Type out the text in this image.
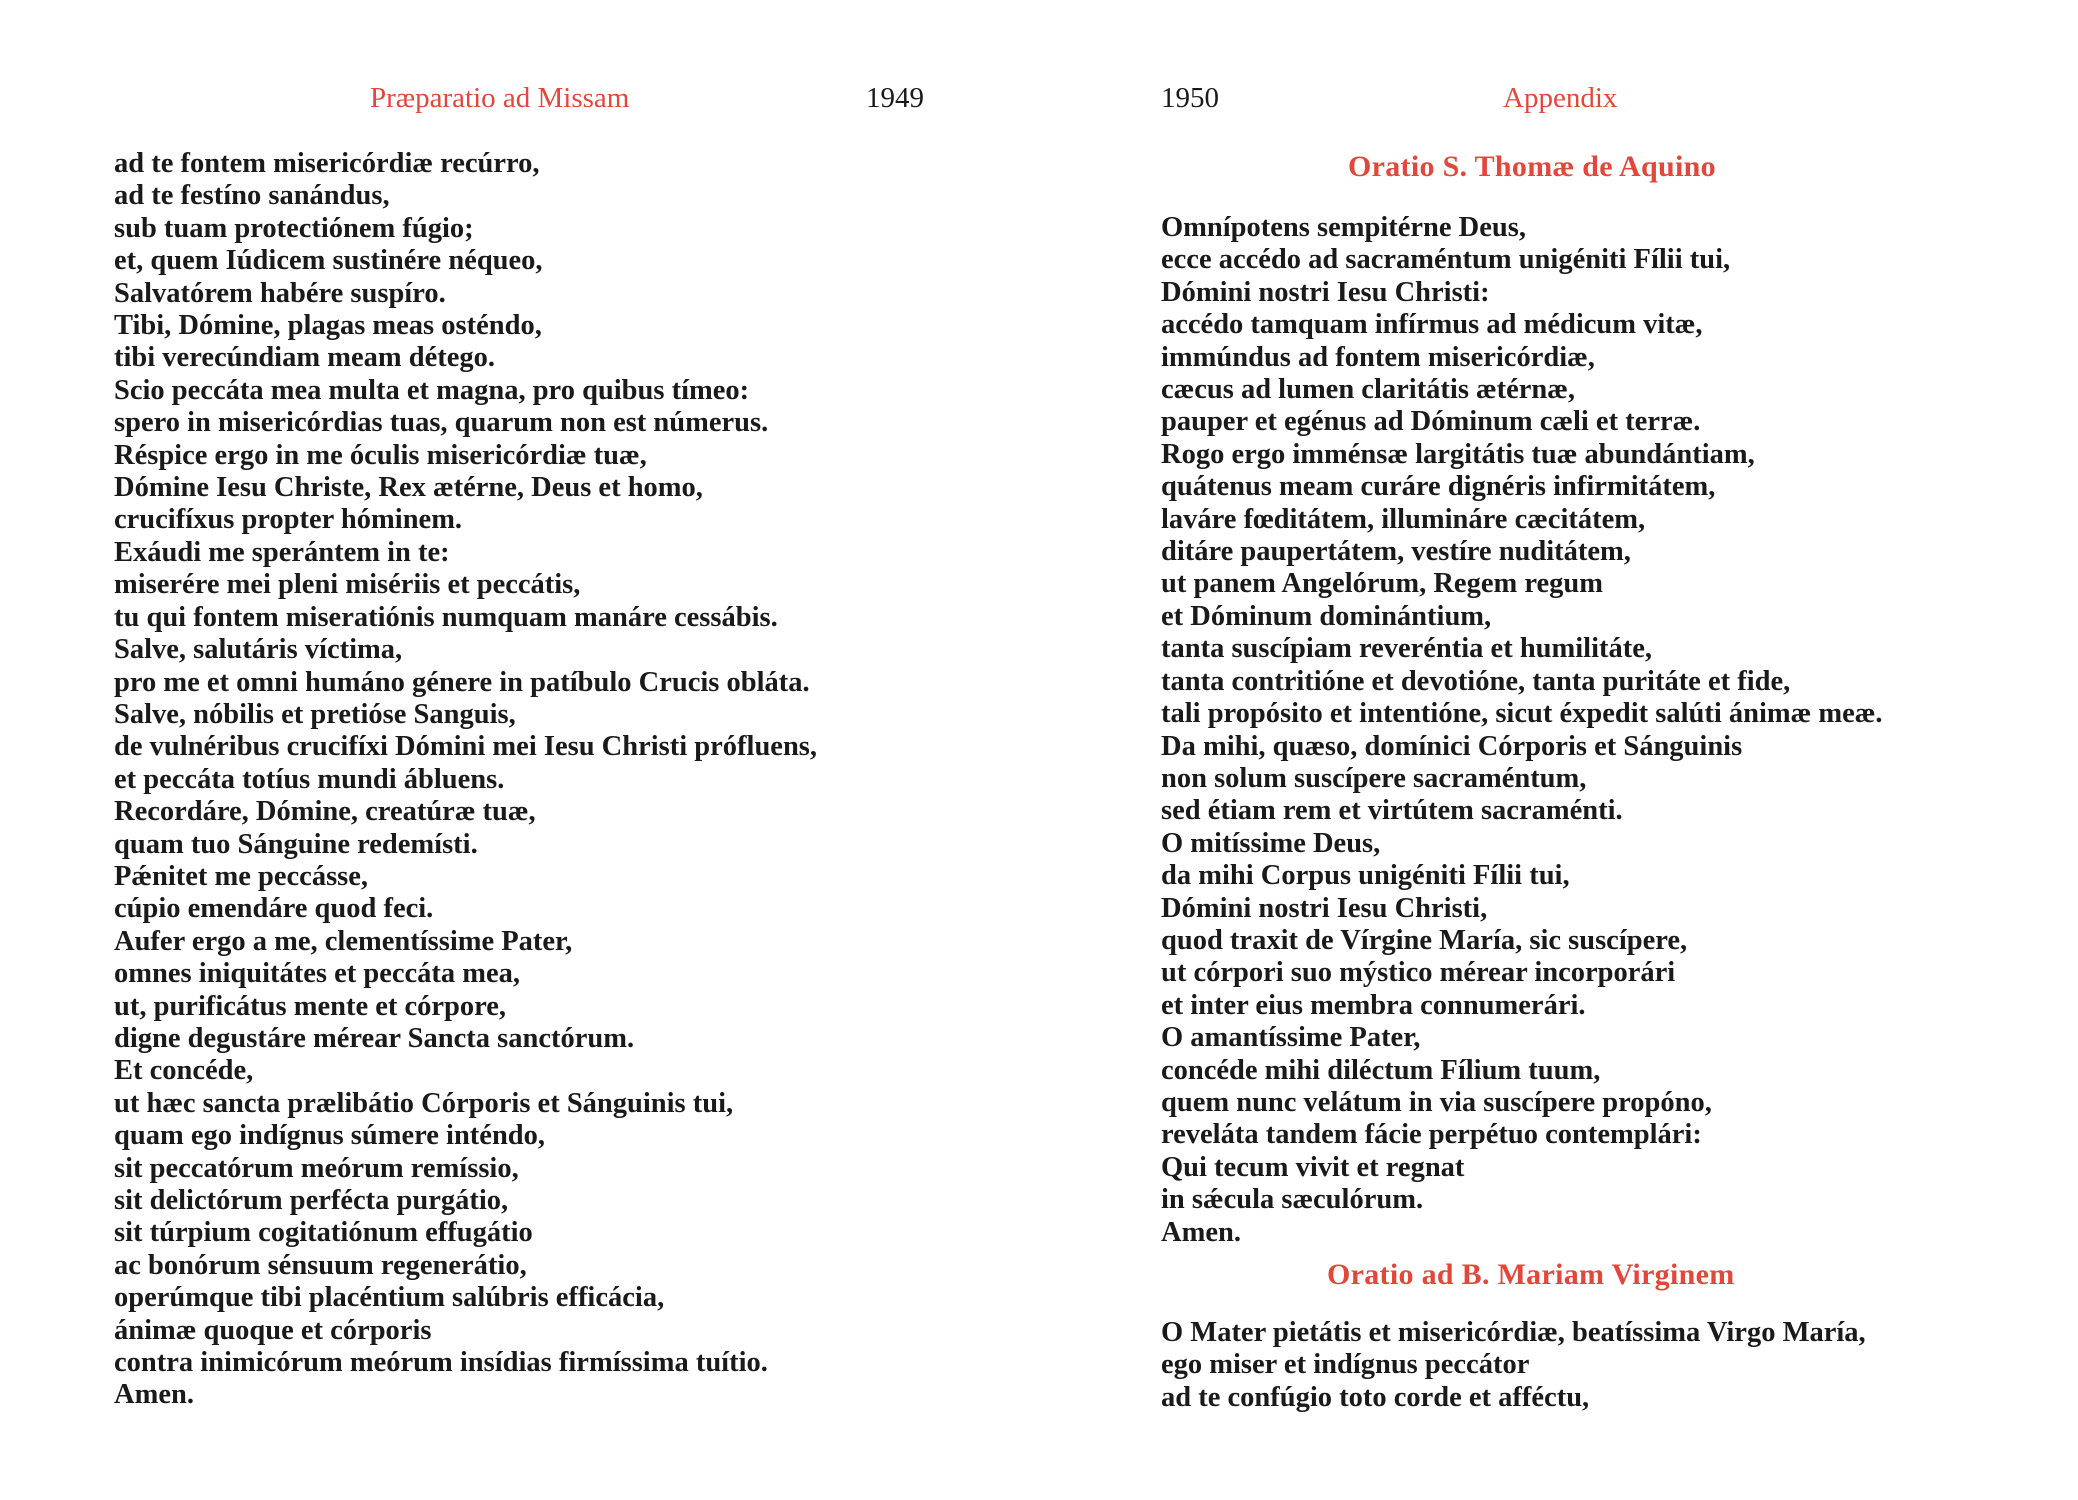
Præparatio ad Missam	1949
ad te fontem misericórdiæ recúrro,
ad te festíno sanándus,
sub tuam protectiónem fúgio;
et, quem Iúdicem sustinére néqueo,
Salvatórem habére suspíro.
Tibi, Dómine, plagas meas osténdo,
tibi verecúndiam meam détego.
Scio peccáta mea multa et magna, pro quibus tímeo:
spero in misericórdias tuas, quarum non est númerus.
Réspice ergo in me óculis misericórdiæ tuæ,
Dómine Iesu Christe, Rex ætérne, Deus et homo,
crucifíxus propter hóminem.
Exáudi me sperántem in te:
miserére mei pleni misériis et peccátis,
tu qui fontem miseratiónis numquam manáre cessábis.
Salve, salutáris víctima,
pro me et omni humáno génere in patíbulo Crucis obláta.
Salve, nóbilis et pretióse Sanguis,
de vulnéribus crucifíxi Dómini mei Iesu Christi prófluens,
et peccáta totíus mundi ábluens.
Recordáre, Dómine, creatúræ tuæ,
quam tuo Sánguine redemísti.
Pǽnitet me peccásse,
cúpio emendáre quod feci.
Aufer ergo a me, clementíssime Pater,
omnes iniquitátes et peccáta mea,
ut, purificátus mente et córpore,
digne degustáre mérear Sancta sanctórum.
Et concéde,
ut hæc sancta prælibátio Córporis et Sánguinis tui,
quam ego indígnus súmere inténdo,
sit peccatórum meórum remíssio,
sit delictórum perfécta purgátio,
sit túrpium cogitatiónum effugátio
ac bonórum sénsuum regenerátio,
operúmque tibi placéntium salúbris efficácia,
ánimæ quoque et córporis
contra inimicórum meórum insídias firmíssima tuítio.
Amen.
1950	Appendix
Oratio S. Thomæ de Aquino
Omnípotens sempitérne Deus,
ecce accédo ad sacraméntum unigéniti Fílii tui,
Dómini nostri Iesu Christi:
accédo tamquam infírmus ad médicum vitæ,
immúndus ad fontem misericórdiæ,
cæcus ad lumen claritátis ætérnæ,
pauper et egénus ad Dóminum cæli et terræ.
Rogo ergo imménsæ largitátis tuæ abundántiam,
quátenus meam curáre dignéris infirmitátem,
laváre fœditátem, illumináre cæcitátem,
ditáre paupertátem, vestíre nuditátem,
ut panem Angelórum, Regem regum
et Dóminum dominántium,
tanta suscípiam reveréntia et humilitáte,
tanta contritióne et devotióne, tanta puritáte et fide,
tali propósito et intentióne, sicut éxpedit salúti ánimæ meæ.
Da mihi, quæso, domínici Córporis et Sánguinis
non solum suscípere sacraméntum,
sed étiam rem et virtútem sacraménti.
O mitíssime Deus,
da mihi Corpus unigéniti Fílii tui,
Dómini nostri Iesu Christi,
quod traxit de Vírgine María, sic suscípere,
ut córpori suo mýstico mérear incorporári
et inter eius membra connumerári.
O amantíssime Pater,
concéde mihi diléctum Fílium tuum,
quem nunc velátum in via suscípere propóno,
reveláta tandem fácie perpétuo contemplári:
Qui tecum vivit et regnat
in sǽcula sæculórum.
Amen.
Oratio ad B. Mariam Virginem
O Mater pietátis et misericórdiæ, beatíssima Virgo María,
ego miser et indígnus peccátor
ad te confúgio toto corde et afféctu,
